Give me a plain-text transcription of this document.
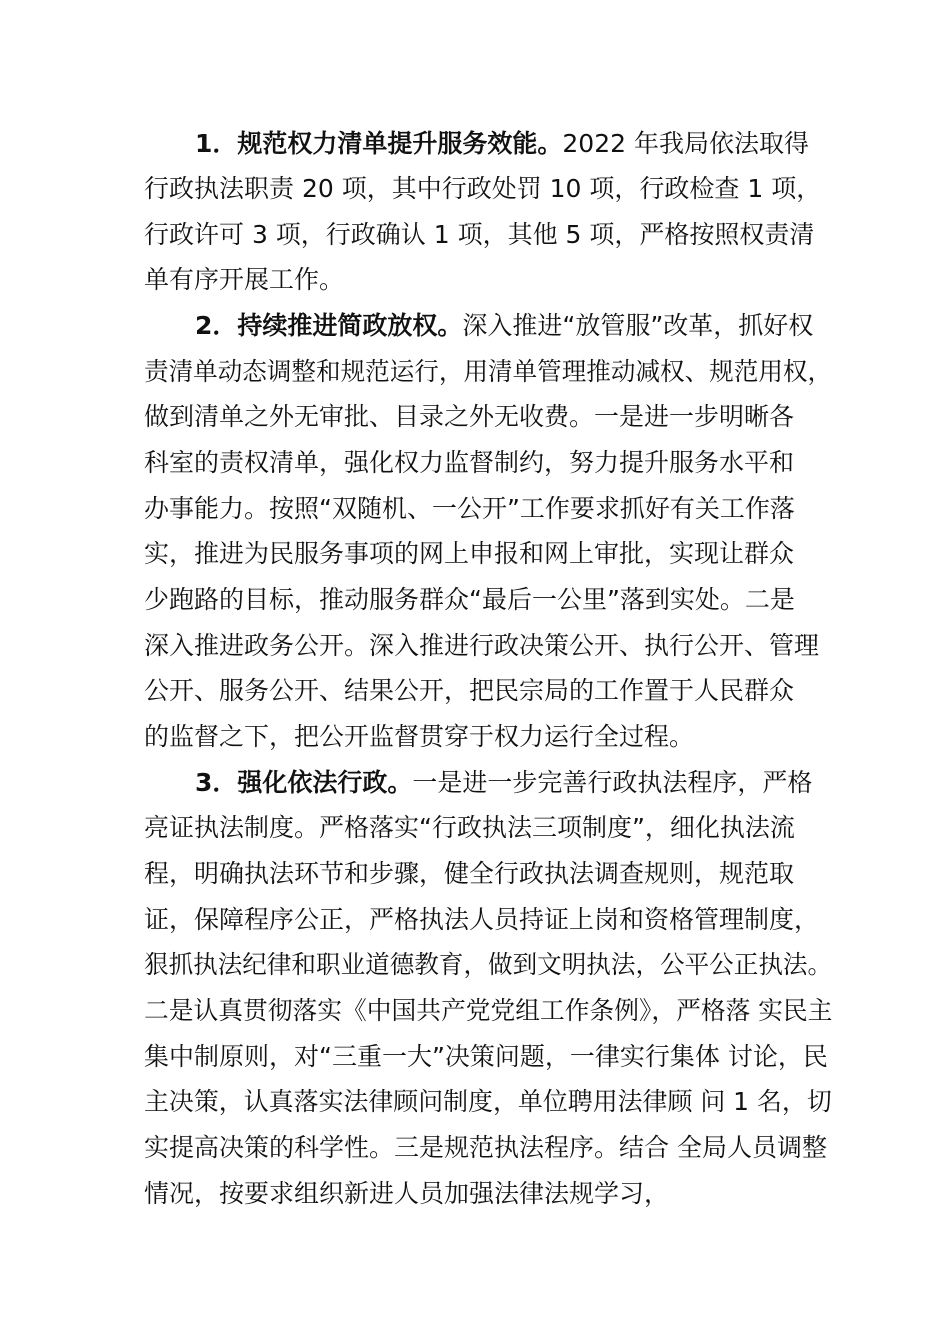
1．规范权力清单提升服务效能。2022 年我局依法取得
行政执法职责 20 项，其中行政处罚 10 项，行政检查 1 项，
行政许可 3 项，行政确认 1 项，其他 5 项，严格按照权责清
单有序开展工作。
2．持续推进简政放权。深入推进“放管服”改革，抓好权
责清单动态调整和规范运行，用清单管理推动减权、规范用权，
做到清单之外无审批、目录之外无收费。一是进一步明晰各
科室的责权清单，强化权力监督制约，努力提升服务水平和
办事能力。按照“双随机、一公开”工作要求抓好有关工作落
实，推进为民服务事项的网上申报和网上审批，实现让群众
少跑路的目标，推动服务群众“最后一公里”落到实处。二是
深入推进政务公开。深入推进行政决策公开、执行公开、管理
公开、服务公开、结果公开，把民宗局的工作置于人民群众
的监督之下，把公开监督贯穿于权力运行全过程。
3．强化依法行政。一是进一步完善行政执法程序，严格
亮证执法制度。严格落实“行政执法三项制度”，细化执法流
程，明确执法环节和步骤，健全行政执法调查规则，规范取
证，保障程序公正，严格执法人员持证上岗和资格管理制度，
狠抓执法纪律和职业道德教育，做到文明执法，公平公正执法。
二是认真贯彻落实《中国共产党党组工作条例》，严格落 实民主
集中制原则，对“三重一大”决策问题，一律实行集体 讨论，民
主决策，认真落实法律顾问制度，单位聘用法律顾 问 1 名，切
实提高决策的科学性。三是规范执法程序。结合 全局人员调整
情况，按要求组织新进人员加强法律法规学习，
